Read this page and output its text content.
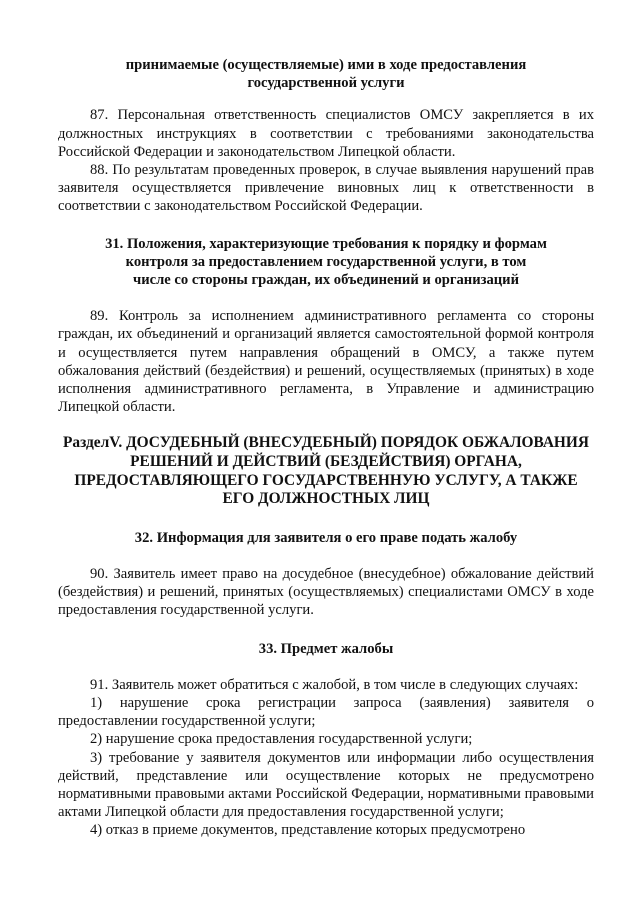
принимаемые (осуществляемые) ими в ходе предоставления
государственной услуги

87. Персональная ответственность специалистов ОМСУ закрепляется в их должностных инструкциях в соответствии с требованиями законодательства Российской Федерации и законодательством Липецкой области.

88. По результатам проведенных проверок, в случае выявления нарушений прав заявителя осуществляется привлечение виновных лиц к ответственности в соответствии с законодательством Российской Федерации.

31. Положения, характеризующие требования к порядку и формам
контроля за предоставлением государственной услуги, в том
числе со стороны граждан, их объединений и организаций

89. Контроль за исполнением административного регламента со стороны граждан, их объединений и организаций является самостоятельной формой контроля и осуществляется путем направления обращений в ОМСУ, а также путем обжалования действий (бездействия) и решений, осуществляемых (принятых) в ходе исполнения административного регламента, в Управление и администрацию Липецкой области.

РазделV. ДОСУДЕБНЫЙ (ВНЕСУДЕБНЫЙ) ПОРЯДОК ОБЖАЛОВАНИЯ
РЕШЕНИЙ И ДЕЙСТВИЙ (БЕЗДЕЙСТВИЯ) ОРГАНА,
ПРЕДОСТАВЛЯЮЩЕГО ГОСУДАРСТВЕННУЮ УСЛУГУ, А ТАКЖЕ
ЕГО ДОЛЖНОСТНЫХ ЛИЦ
32. Информация для заявителя о его праве подать жалобу

90. Заявитель имеет право на досудебное (внесудебное) обжалование действий (бездействия) и решений, принятых (осуществляемых) специалистами ОМСУ в ходе предоставления государственной услуги.

33. Предмет жалобы

91. Заявитель может обратиться с жалобой, в том числе в следующих случаях:

1) нарушение срока регистрации запроса (заявления) заявителя о предоставлении государственной услуги;

2) нарушение срока предоставления государственной услуги;

3) требование у заявителя документов или информации либо осуществления действий, представление или осуществление которых не предусмотрено нормативными правовыми актами Российской Федерации, нормативными правовыми актами Липецкой области для предоставления государственной услуги;

4) отказ в приеме документов, представление которых предусмотрено
